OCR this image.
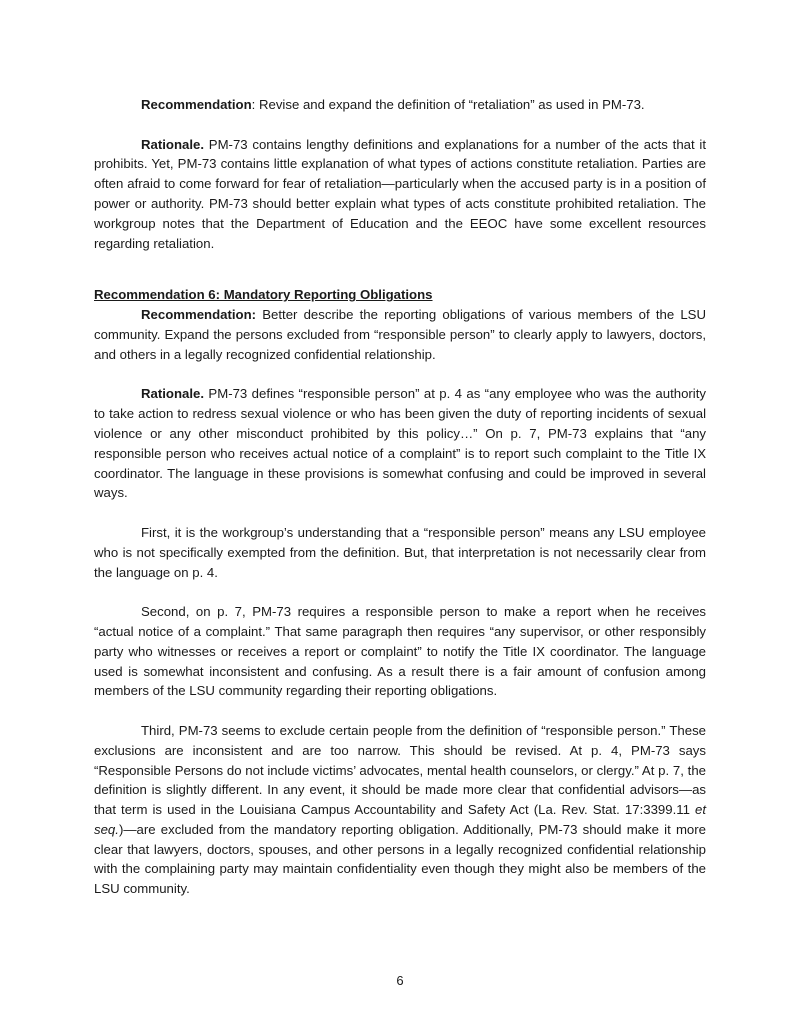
Recommendation: Revise and expand the definition of “retaliation” as used in PM-73.

Rationale. PM-73 contains lengthy definitions and explanations for a number of the acts that it prohibits. Yet, PM-73 contains little explanation of what types of actions constitute retaliation. Parties are often afraid to come forward for fear of retaliation—particularly when the accused party is in a position of power or authority. PM-73 should better explain what types of acts constitute prohibited retaliation. The workgroup notes that the Department of Education and the EEOC have some excellent resources regarding retaliation.

Recommendation 6: Mandatory Reporting Obligations

Recommendation: Better describe the reporting obligations of various members of the LSU community. Expand the persons excluded from “responsible person” to clearly apply to lawyers, doctors, and others in a legally recognized confidential relationship.

Rationale. PM-73 defines “responsible person” at p. 4 as “any employee who was the authority to take action to redress sexual violence or who has been given the duty of reporting incidents of sexual violence or any other misconduct prohibited by this policy…” On p. 7, PM-73 explains that “any responsible person who receives actual notice of a complaint” is to report such complaint to the Title IX coordinator. The language in these provisions is somewhat confusing and could be improved in several ways.

First, it is the workgroup’s understanding that a “responsible person” means any LSU employee who is not specifically exempted from the definition. But, that interpretation is not necessarily clear from the language on p. 4.

Second, on p. 7, PM-73 requires a responsible person to make a report when he receives “actual notice of a complaint.” That same paragraph then requires “any supervisor, or other responsibly party who witnesses or receives a report or complaint” to notify the Title IX coordinator. The language used is somewhat inconsistent and confusing. As a result there is a fair amount of confusion among members of the LSU community regarding their reporting obligations.

Third, PM-73 seems to exclude certain people from the definition of “responsible person.” These exclusions are inconsistent and are too narrow. This should be revised. At p. 4, PM-73 says “Responsible Persons do not include victims’ advocates, mental health counselors, or clergy.” At p. 7, the definition is slightly different. In any event, it should be made more clear that confidential advisors—as that term is used in the Louisiana Campus Accountability and Safety Act (La. Rev. Stat. 17:3399.11 et seq.)—are excluded from the mandatory reporting obligation. Additionally, PM-73 should make it more clear that lawyers, doctors, spouses, and other persons in a legally recognized confidential relationship with the complaining party may maintain confidentiality even though they might also be members of the LSU community.

6
